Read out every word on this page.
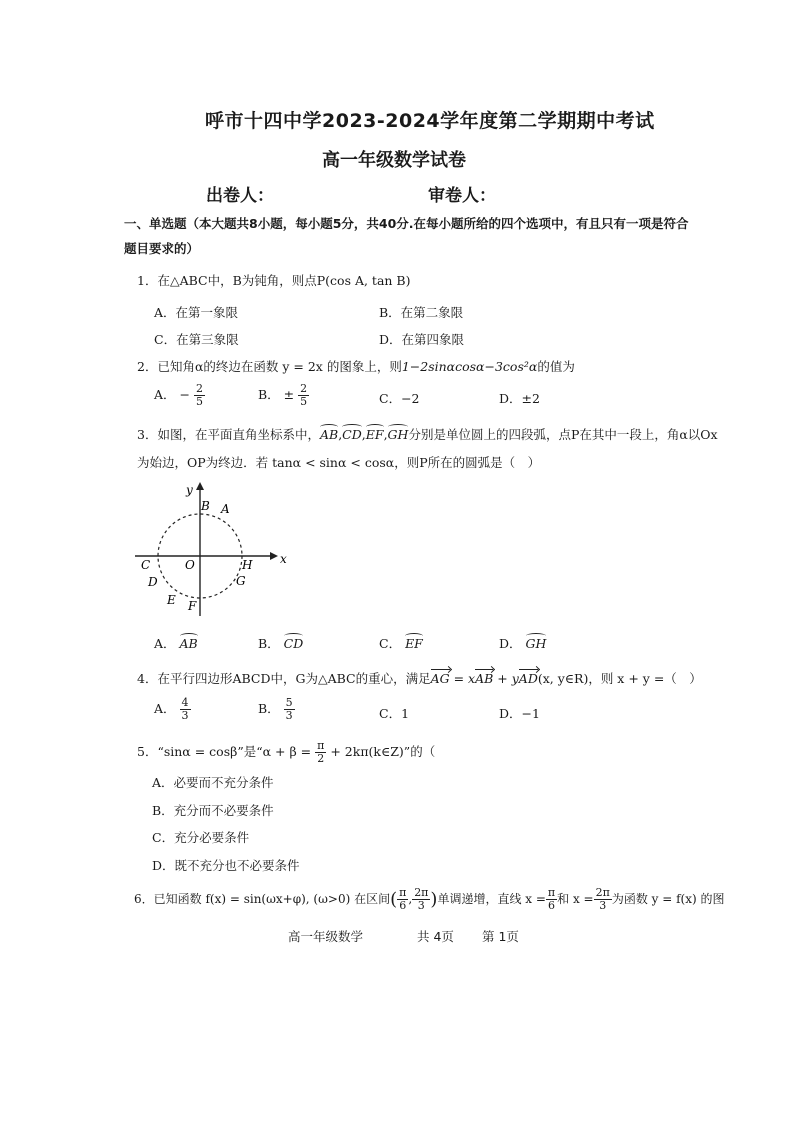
呼市十四中学2023-2024学年度第二学期期中考试
高一年级数学试卷
出卷人：	审卷人：
一、单选题（本大题共8小题，每小题5分，共40分.在每小题所给的四个选项中，有且只有一项是符合
题目要求的）
1．在△ABC中，B为钝角，则点P(cos A, tan B)
A．在第一象限	B．在第二象限
C．在第三象限	D．在第四象限
2．已知角α的终边在函数 y = 2x 的图象上，则1−2sinαcosα−3cos²α的值为
A． − $\frac{2}{5}$	B． ± $\frac{2}{5}$	C．−2	D．±2
3．如图，在平面直角坐标系中，AB,CD,EF,GH分别是单位圆上的四段弧，点P在其中一段上，角α以Ox
为始边，OP为终边．若 tanα < sinα < cosα，则P所在的圆弧是（　）
y
x
O
A
B
C
D
E F
G
H
A． AB	B． CD	C． EF	D． GH
4．在平行四边形ABCD中，G为△ABC的重心，满足AG = xAB + yAD(x, y∈R)，则 x + y =（　）
A． $\frac{4}{3}$	B． $\frac{5}{3}$	C．1	D．−1
5．“sinα = cosβ”是“$\alpha + \beta = \frac{\pi}{2}$ + 2kπ(k∈Z)”的（
A．必要而不充分条件
B．充分而不必要条件
C．充分必要条件
D．既不充分也不必要条件
6．已知函数 f(x) = sin(ωx+φ), (ω>0) 在区间( $\frac{\pi}{6}$ , $\frac{2\pi}{3}$ )单调递增，直线 $x = \frac{\pi}{6}$ 和 $x = \frac{2\pi}{3}$ 为函数 y = f(x) 的图
高一年级数学	共 4页 第 1页
